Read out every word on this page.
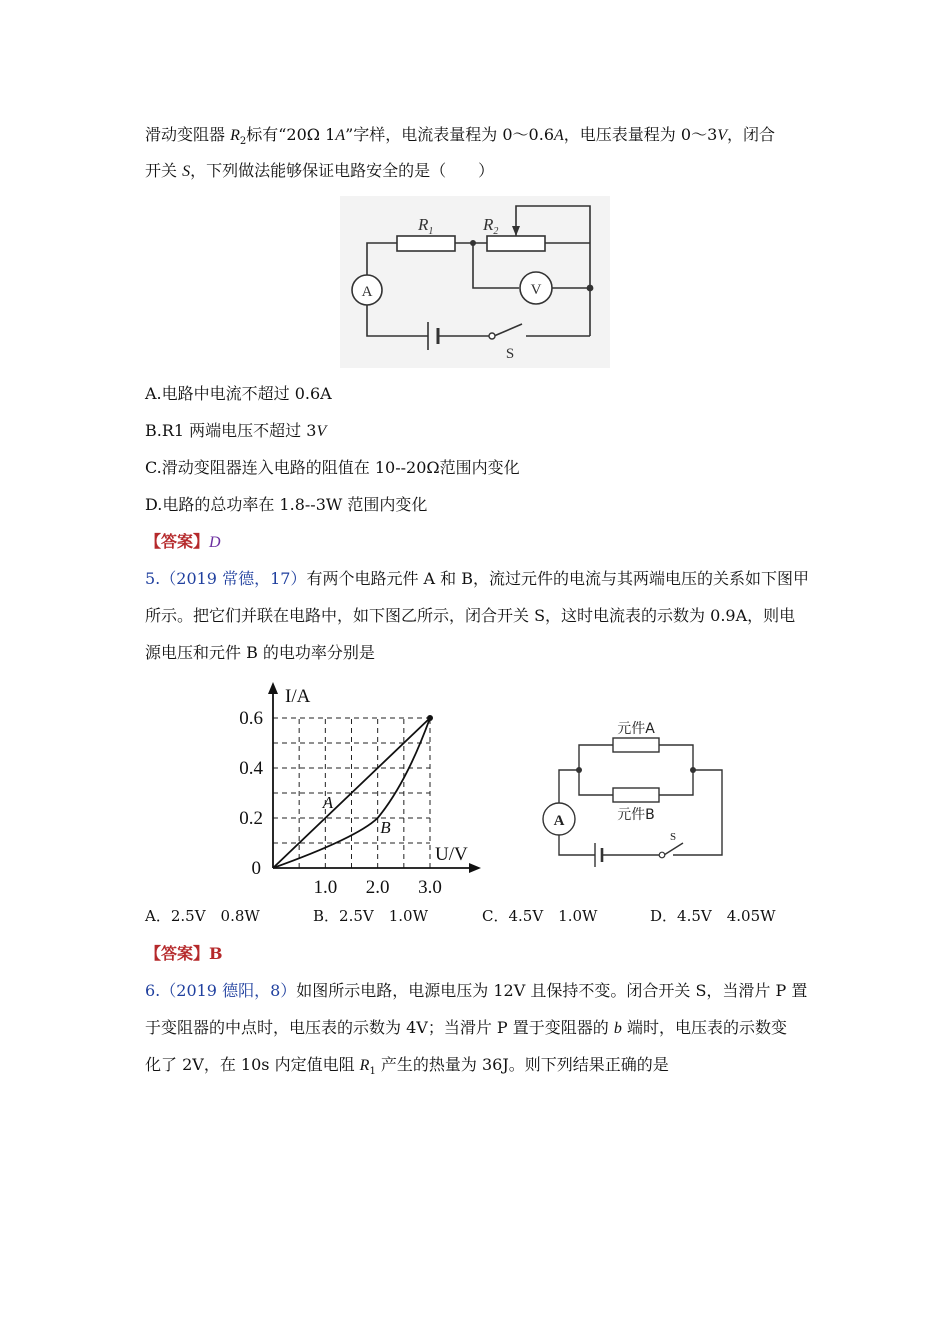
滑动变阻器 $R_2$标有“20Ω 1A”字样，电流表量程为 0～0.6A，电压表量程为 0～3V，闭合
开关 S，下列做法能够保证电路安全的是（　　）
$R_1$	$R_2$
A	V
S
A.电路中电流不超过 0.6A
B.R1 两端电压不超过 3V
C.滑动变阻器连入电路的阻值在 10--20Ω范围内变化
D.电路的总功率在 1.8--3W 范围内变化
【答案】D
5.（2019 常德，17）有两个电路元件 A 和 B，流过元件的电流与其两端电压的关系如下图甲
所示。把它们并联在电路中，如下图乙所示，闭合开关 S，这时电流表的示数为 0.9A，则电
源电压和元件 B 的电功率分别是
A
B
0.2
0.4
0.6
1.0 2.0 3.0
0
I/A
U/V
元件A
元件B
A
S
A．2.5V　0.8W	B．2.5V　1.0W	C．4.5V　1.0W	D．4.5V　4.05W
【答案】B
6.（2019 德阳，8）如图所示电路，电源电压为 12V 且保持不变。闭合开关 S，当滑片 P 置
于变阻器的中点时，电压表的示数为 4V；当滑片 P 置于变阻器的 b 端时，电压表的示数变
化了 2V，在 10s 内定值电阻 $R_1$ 产生的热量为 36J。则下列结果正确的是
